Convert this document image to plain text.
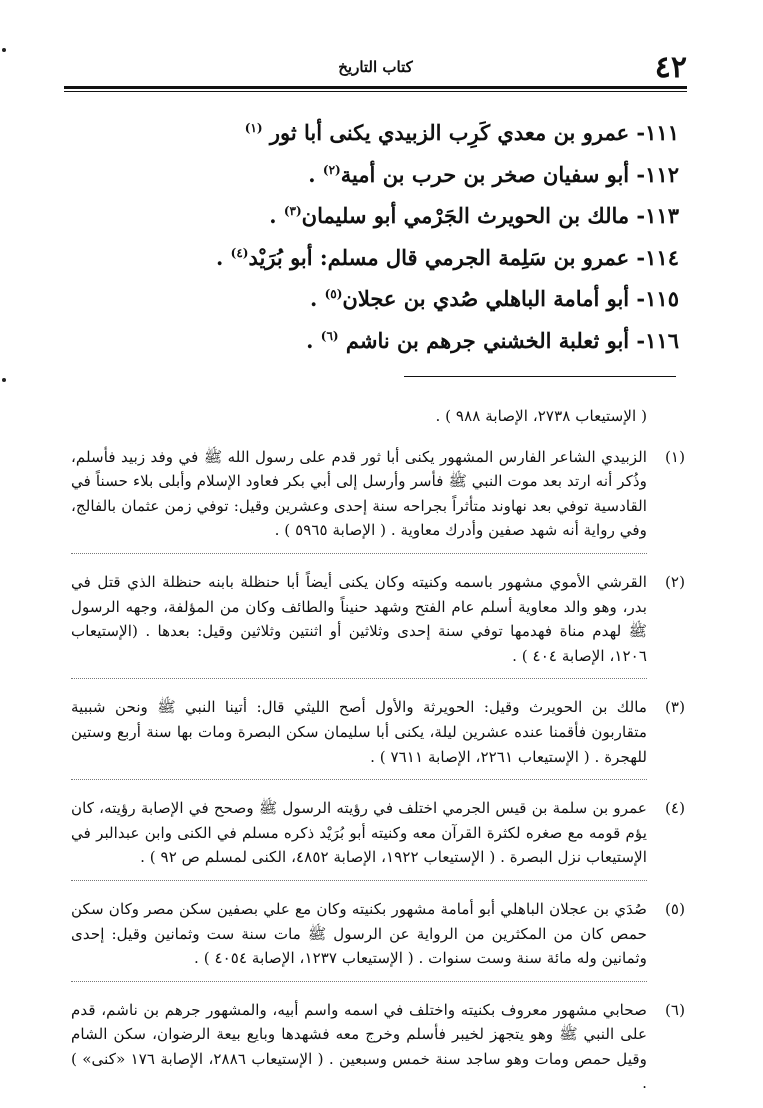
٤٢
كتاب التاريخ
١١١- عمرو بن معدي كَرِب الزبيدي يكنى أبا ثور $^{(١)}$
١١٢- أبو سفيان صخر بن حرب بن أمية$^{(٢)}$ .
١١٣- مالك بن الحويرث الجَرْمي أبو سليمان$^{(٣)}$ .
١١٤- عمرو بن سَلِمة الجرمي قال مسلم: أبو بُرَيْد$^{(٤)}$ .
١١٥- أبو أمامة الباهلي صُدي بن عجلان$^{(٥)}$ .
١١٦- أبو ثعلبة الخشني جرهم بن ناشم $^{(٦)}$ .
( الإستيعاب ٢٧٣٨، الإصابة ٩٨٨ ) .
(١)
الزبيدي الشاعر الفارس المشهور يكنى أبا ثور قدم على رسول الله ﷺ في وفد زبيد فأسلم، وذُكر أنه ارتد بعد موت النبي ﷺ فأسر وأرسل إلى أبي بكر فعاود الإسلام وأبلى بلاء حسناً في القادسية توفي بعد نهاوند متأثراً بجراحه سنة إحدى وعشرين وقيل: توفي زمن عثمان بالفالج، وفي رواية أنه شهد صفين وأدرك معاوية . ( الإصابة ٥٩٦٥ ) .
(٢)
القرشي الأموي مشهور باسمه وكنيته وكان يكنى أيضاً أبا حنظلة بابنه حنظلة الذي قتل في بدر، وهو والد معاوية أسلم عام الفتح وشهد حنيناً والطائف وكان من المؤلفة، وجهه الرسول ﷺ لهدم مناة فهدمها توفي سنة إحدى وثلاثين أو اثنتين وثلاثين وقيل: بعدها . (الإستيعاب ١٢٠٦، الإصابة ٤٠٤ ) .
(٣)
مالك بن الحويرث وقيل: الحويرثة والأول أصح الليثي قال: أتينا النبي ﷺ ونحن شببية متقاربون فأقمنا عنده عشرين ليلة، يكنى أبا سليمان سكن البصرة ومات بها سنة أربع وستين للهجرة . ( الإستيعاب ٢٢٦١، الإصابة ٧٦١١ ) .
(٤)
عمرو بن سلمة بن قيس الجرمي اختلف في رؤيته الرسول ﷺ وصحح في الإصابة رؤيته، كان يؤم قومه مع صغره لكثرة القرآن معه وكنيته أبو بُرَيْد ذكره مسلم في الكنى وابن عبدالبر في الإستيعاب نزل البصرة . ( الإستيعاب ١٩٢٢، الإصابة ٤٨٥٢، الكنى لمسلم ص ٩٢ ) .
(٥)
صُدَي بن عجلان الباهلي أبو أمامة مشهور بكنيته وكان مع علي بصفين سكن مصر وكان سكن حمص كان من المكثرين من الرواية عن الرسول ﷺ مات سنة ست وثمانين وقيل: إحدى وثمانين وله مائة سنة وست سنوات . ( الإستيعاب ١٢٣٧، الإصابة ٤٠٥٤ ) .
(٦)
صحابي مشهور معروف بكنيته واختلف في اسمه واسم أبيه، والمشهور جرهم بن ناشم، قدم على النبي ﷺ وهو يتجهز لخيبر فأسلم وخرج معه فشهدها وبايع بيعة الرضوان، سكن الشام وقيل حمص ومات وهو ساجد سنة خمس وسبعين . ( الإستيعاب ٢٨٨٦، الإصابة ١٧٦ «كنى» ) .
